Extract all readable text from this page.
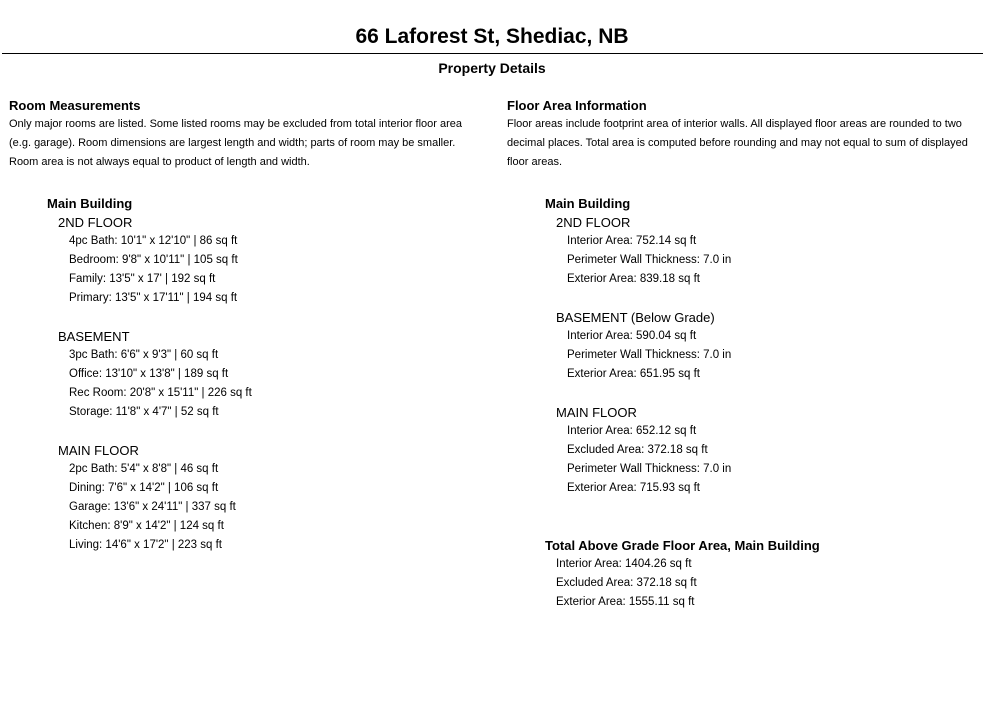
66 Laforest St, Shediac, NB
Property Details
Room Measurements
Only major rooms are listed. Some listed rooms may be excluded from total interior floor area (e.g. garage). Room dimensions are largest length and width; parts of room may be smaller. Room area is not always equal to product of length and width.
Main Building
2ND FLOOR
4pc Bath: 10'1" x 12'10" | 86 sq ft
Bedroom: 9'8" x 10'11" | 105 sq ft
Family: 13'5" x 17' | 192 sq ft
Primary: 13'5" x 17'11" | 194 sq ft
BASEMENT
3pc Bath: 6'6" x 9'3" | 60 sq ft
Office: 13'10" x 13'8" | 189 sq ft
Rec Room: 20'8" x 15'11" | 226 sq ft
Storage: 11'8" x 4'7" | 52 sq ft
MAIN FLOOR
2pc Bath: 5'4" x 8'8" | 46 sq ft
Dining: 7'6" x 14'2" | 106 sq ft
Garage: 13'6" x 24'11" | 337 sq ft
Kitchen: 8'9" x 14'2" | 124 sq ft
Living: 14'6" x 17'2" | 223 sq ft
Floor Area Information
Floor areas include footprint area of interior walls. All displayed floor areas are rounded to two decimal places. Total area is computed before rounding and may not equal to sum of displayed floor areas.
Main Building
2ND FLOOR
Interior Area: 752.14 sq ft
Perimeter Wall Thickness: 7.0 in
Exterior Area: 839.18 sq ft
BASEMENT (Below Grade)
Interior Area: 590.04 sq ft
Perimeter Wall Thickness: 7.0 in
Exterior Area: 651.95 sq ft
MAIN FLOOR
Interior Area: 652.12 sq ft
Excluded Area: 372.18 sq ft
Perimeter Wall Thickness: 7.0 in
Exterior Area: 715.93 sq ft
Total Above Grade Floor Area, Main Building
Interior Area: 1404.26 sq ft
Excluded Area: 372.18 sq ft
Exterior Area: 1555.11 sq ft
